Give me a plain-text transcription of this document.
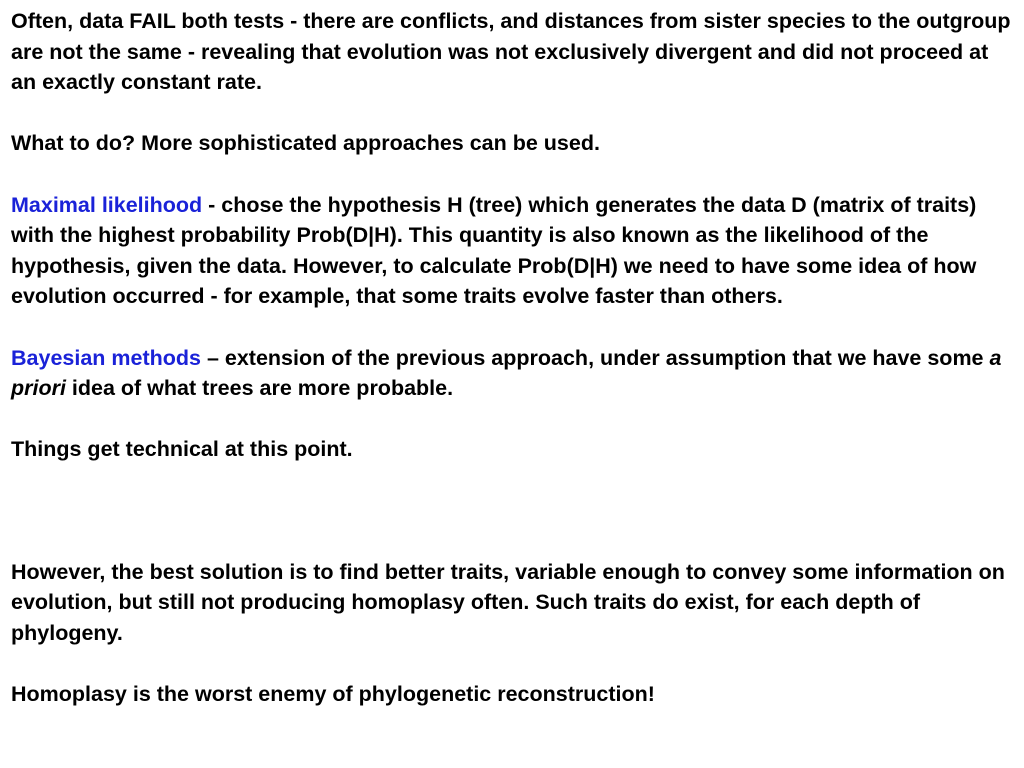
Often, data FAIL both tests - there are conflicts, and distances from sister species to the outgroup are not the same - revealing that evolution was not exclusively divergent and did not proceed at an exactly constant rate.

What to do? More sophisticated approaches can be used.

Maximal likelihood - chose the hypothesis H (tree) which generates the data D (matrix of traits) with the highest probability Prob(D|H). This quantity is also known as the likelihood of the hypothesis, given the data. However, to calculate Prob(D|H) we need to have some idea of how evolution occurred - for example, that some traits evolve faster than others.

Bayesian methods – extension of the previous approach, under assumption that we have some a priori idea of what trees are more probable.

Things get technical at this point.

However, the best solution is to find better traits, variable enough to convey some information on evolution, but still not producing homoplasy often. Such traits do exist, for each depth of phylogeny.

Homoplasy is the worst enemy of phylogenetic reconstruction!
